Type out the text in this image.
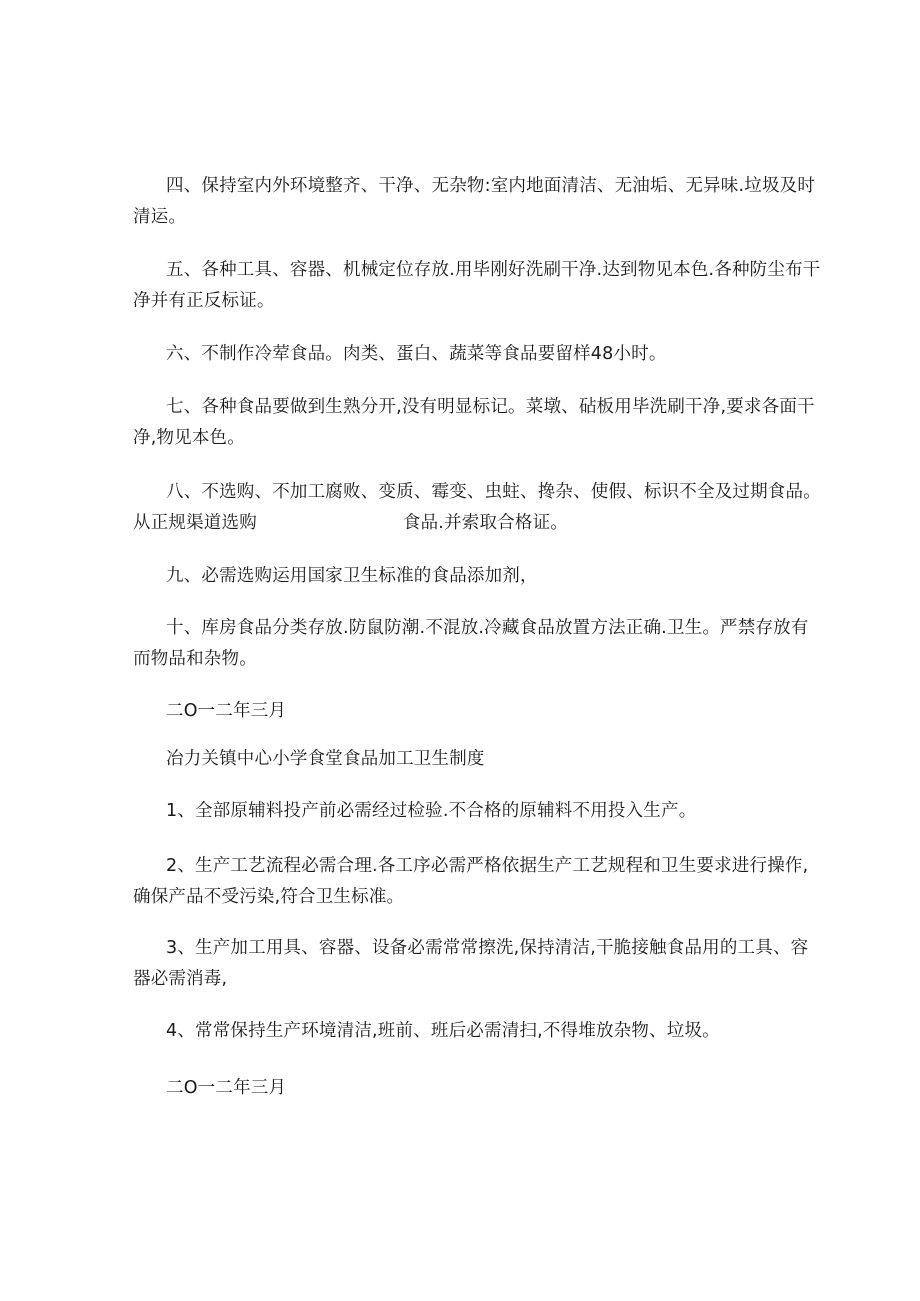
四、保持室内外环境整齐、干净、无杂物:室内地面清洁、无油垢、无异味.垃圾及时
清运。
五、各种工具、容器、机械定位存放.用毕刚好洗刷干净.达到物见本色.各种防尘布干
净并有正反标证。
六、不制作冷荤食品。肉类、蛋白、蔬菜等食品要留样48小时。
七、各种食品要做到生熟分开,没有明显标记。菜墩、砧板用毕洗刷干净,要求各面干
净,物见本色。
八、不选购、不加工腐败、变质、霉变、虫蛀、搀杂、使假、标识不全及过期食品。
从正规渠道选购	食品.并索取合格证。
九、必需选购运用国家卫生标准的食品添加剂，
十、库房食品分类存放.防鼠防潮.不混放.冷藏食品放置方法正确.卫生。严禁存放有
而物品和杂物。
二O一二年三月
冶力关镇中心小学食堂食品加工卫生制度
1、全部原辅料投产前必需经过检验.不合格的原辅料不用投入生产。
2、生产工艺流程必需合理.各工序必需严格依据生产工艺规程和卫生要求进行操作,
确保产品不受污染,符合卫生标准。
3、生产加工用具、容器、设备必需常常擦洗,保持清洁,干脆接触食品用的工具、容
器必需消毒,
4、常常保持生产环境清洁,班前、班后必需清扫,不得堆放杂物、垃圾。
二O一二年三月
